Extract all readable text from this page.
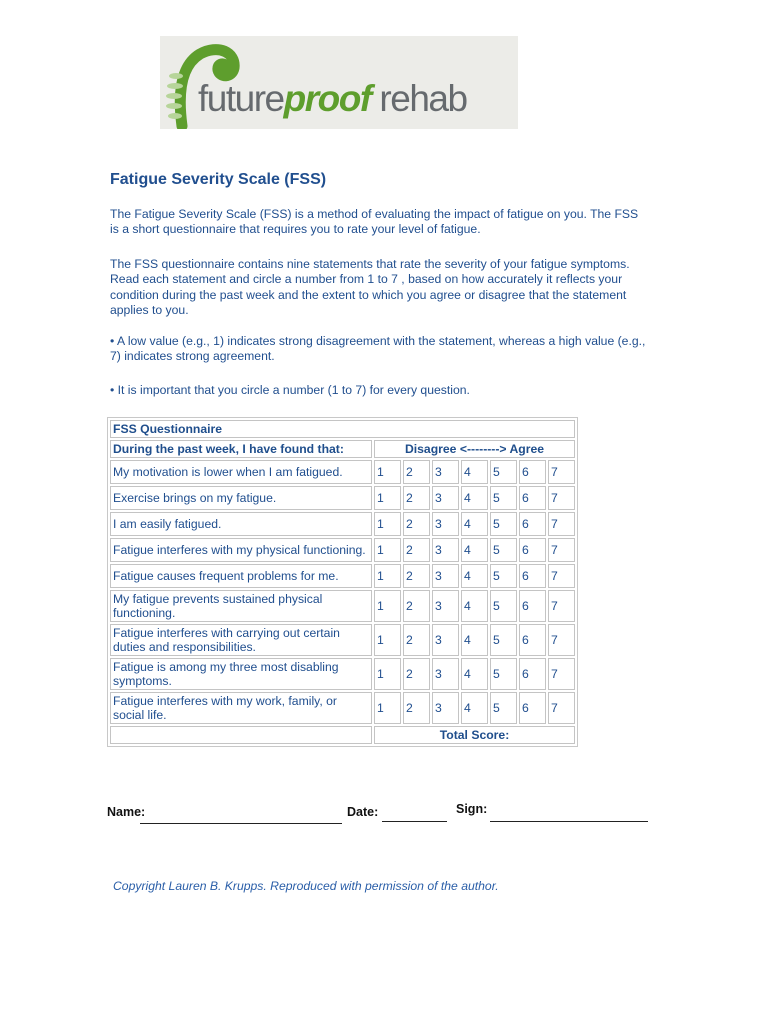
futureproof rehab
Fatigue Severity Scale (FSS)
The Fatigue Severity Scale (FSS) is a method of evaluating the impact of fatigue on you. The FSS is a short questionnaire that requires you to rate your level of fatigue.
The FSS questionnaire contains nine statements that rate the severity of your fatigue symptoms. Read each statement and circle a number from 1 to 7 , based on how accurately it reflects your condition during the past week and the extent to which you agree or disagree that the statement applies to you.
• A low value (e.g., 1) indicates strong disagreement with the statement, whereas a high value (e.g., 7) indicates strong agreement.
• It is important that you circle a number (1 to 7) for every question.
FSS Questionnaire							
During the past week, I have found that:	Disagree <--------> Agree						
My motivation is lower when I am fatigued.	1	2	3	4	5	6	7
Exercise brings on my fatigue.	1	2	3	4	5	6	7
I am easily fatigued.	1	2	3	4	5	6	7
Fatigue interferes with my physical functioning.	1	2	3	4	5	6	7
Fatigue causes frequent problems for me.	1	2	3	4	5	6	7
My fatigue prevents sustained physical functioning.	1	2	3	4	5	6	7
Fatigue interferes with carrying out certain duties and responsibilities.	1	2	3	4	5	6	7
Fatigue is among my three most disabling symptoms.	1	2	3	4	5	6	7
Fatigue interferes with my work, family, or social life.	1	2	3	4	5	6	7
	Total Score:						
Name:	Date:	Sign:
Copyright Lauren B. Krupps. Reproduced with permission of the author.
